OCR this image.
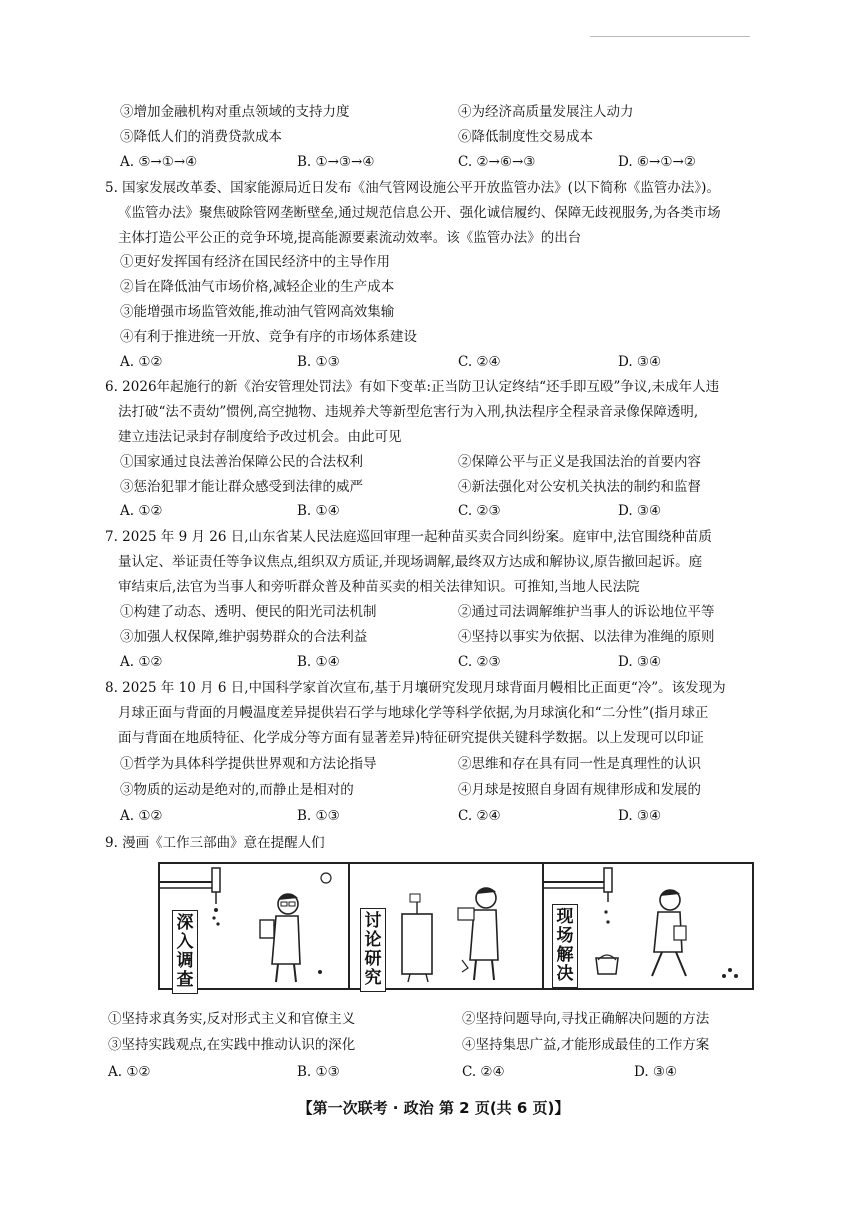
③增加金融机构对重点领域的支持力度	④为经济高质量发展注人动力
⑤降低人们的消费贷款成本	⑥降低制度性交易成本
A. ⑤→①→④	B. ①→③→④	C. ②→⑥→③	D. ⑥→①→②
5. 国家发展改革委、国家能源局近日发布《油气管网设施公平开放监管办法》(以下简称《监管办法》)。
《监管办法》聚焦破除管网垄断壁垒,通过规范信息公开、强化诚信履约、保障无歧视服务,为各类市场
主体打造公平公正的竞争环境,提高能源要素流动效率。该《监管办法》的出台
①更好发挥国有经济在国民经济中的主导作用
②旨在降低油气市场价格,减轻企业的生产成本
③能增强市场监管效能,推动油气管网高效集输
④有利于推进统一开放、竞争有序的市场体系建设
A. ①②	B. ①③	C. ②④	D. ③④
6. 2026年起施行的新《治安管理处罚法》有如下变革:正当防卫认定终结“还手即互殴”争议,未成年人违
法打破“法不责幼”惯例,高空抛物、违规养犬等新型危害行为入刑,执法程序全程录音录像保障透明,
建立违法记录封存制度给予改过机会。由此可见
①国家通过良法善治保障公民的合法权利	②保障公平与正义是我国法治的首要内容
③惩治犯罪才能让群众感受到法律的威严	④新法强化对公安机关执法的制约和监督
A. ①②	B. ①④	C. ②③	D. ③④
7. 2025 年 9 月 26 日,山东省某人民法庭巡回审理一起种苗买卖合同纠纷案。庭审中,法官围绕种苗质
量认定、举证责任等争议焦点,组织双方质证,并现场调解,最终双方达成和解协议,原告撤回起诉。庭
审结束后,法官为当事人和旁听群众普及种苗买卖的相关法律知识。可推知,当地人民法院
①构建了动态、透明、便民的阳光司法机制	②通过司法调解维护当事人的诉讼地位平等
③加强人权保障,维护弱势群众的合法利益	④坚持以事实为依据、以法律为准绳的原则
A. ①②	B. ①④	C. ②③	D. ③④
8. 2025 年 10 月 6 日,中国科学家首次宣布,基于月壤研究发现月球背面月幔相比正面更“冷”。该发现为
月球正面与背面的月幔温度差异提供岩石学与地球化学等科学依据,为月球演化和“二分性”(指月球正
面与背面在地质特征、化学成分等方面有显著差异)特征研究提供关键科学数据。以上发现可以印证
①哲学为具体科学提供世界观和方法论指导	②思维和存在具有同一性是真理性的认识
③物质的运动是绝对的,而静止是相对的	④月球是按照自身固有规律形成和发展的
A. ①②	B. ①③	C. ②④	D. ③④
9. 漫画《工作三部曲》意在提醒人们
深入调查
讨论研究
现场解决
①坚持求真务实,反对形式主义和官僚主义	②坚持问题导向,寻找正确解决问题的方法
③坚持实践观点,在实践中推动认识的深化	④坚持集思广益,才能形成最佳的工作方案
A. ①②	B. ①③	C. ②④	D. ③④
【第一次联考 · 政治 第 2 页(共 6 页)】
